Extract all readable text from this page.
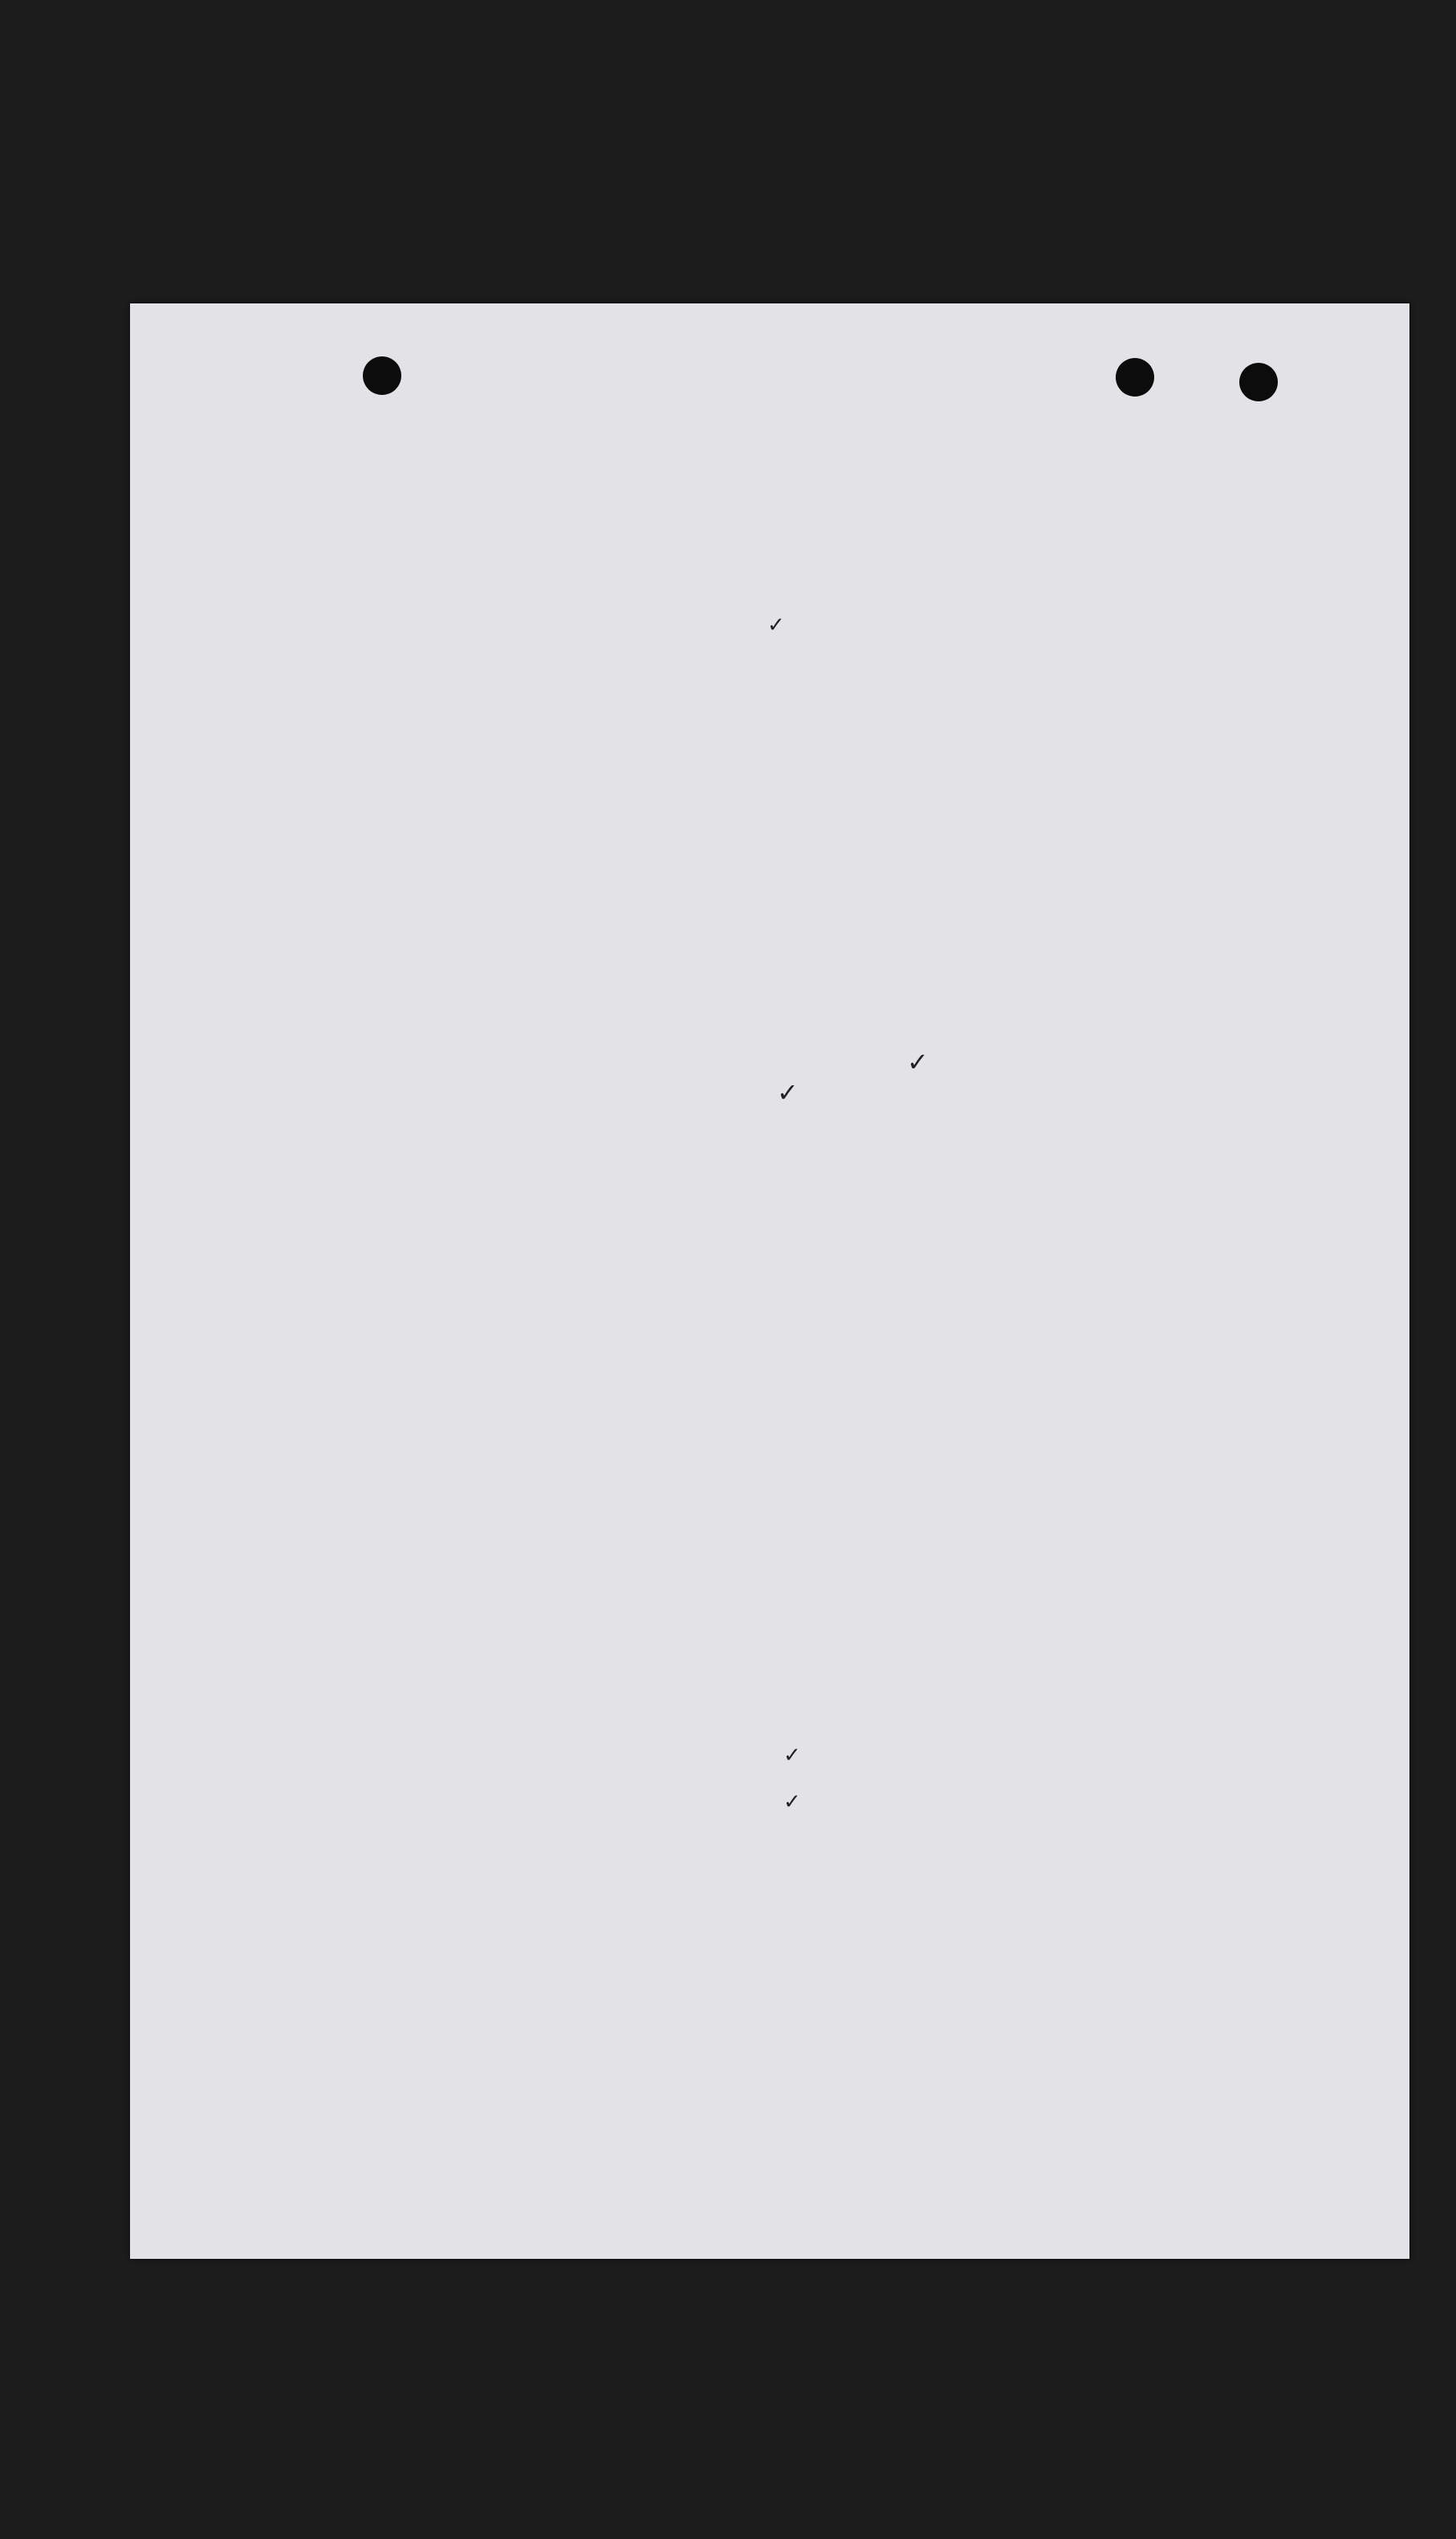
✓
✓
✓
✓
✓
